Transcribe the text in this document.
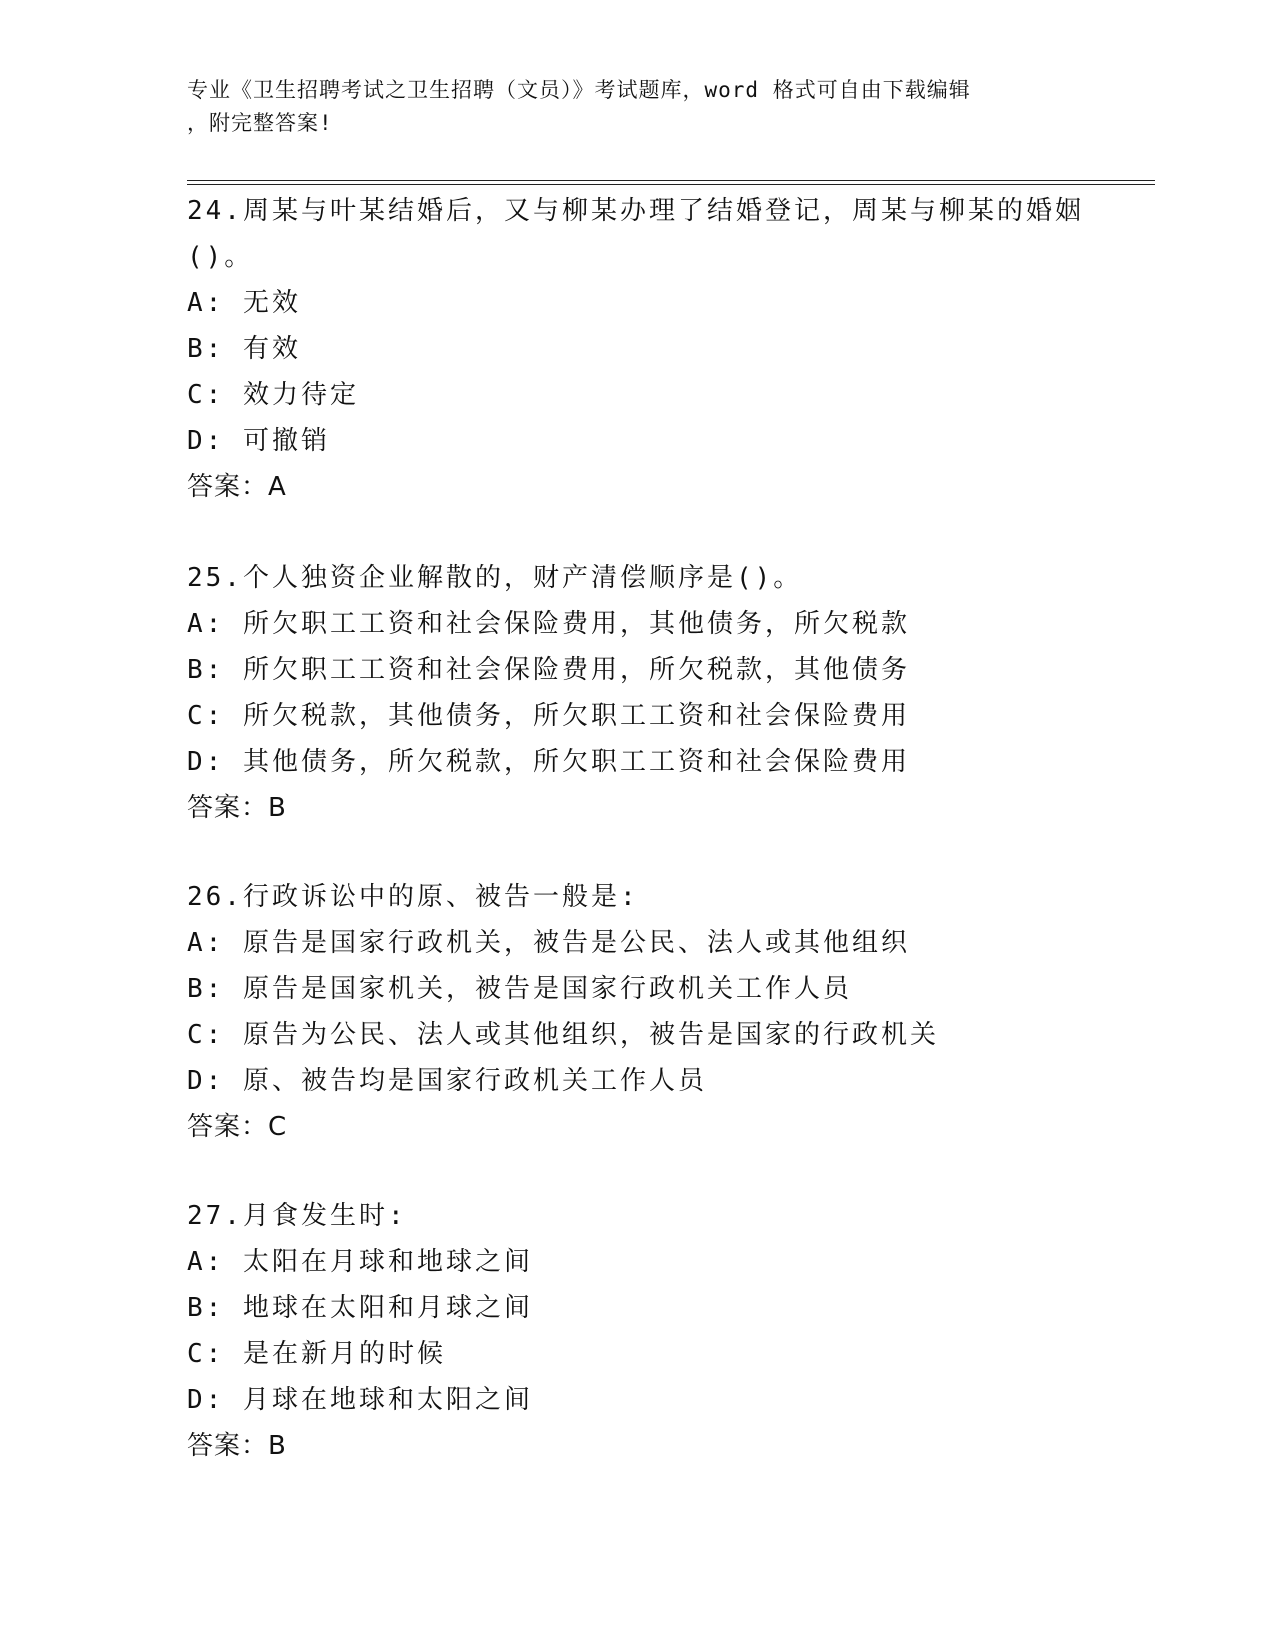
专业《卫生招聘考试之卫生招聘（文员）》考试题库，word 格式可自由下载编辑
，附完整答案!
24.周某与叶某结婚后，又与柳某办理了结婚登记，周某与柳某的婚姻
()。
A: 无效
B: 有效
C: 效力待定
D: 可撤销
答案：A
25.个人独资企业解散的，财产清偿顺序是()。
A: 所欠职工工资和社会保险费用，其他债务，所欠税款
B: 所欠职工工资和社会保险费用，所欠税款，其他债务
C: 所欠税款，其他债务，所欠职工工资和社会保险费用
D: 其他债务，所欠税款，所欠职工工资和社会保险费用
答案：B
26.行政诉讼中的原、被告一般是:
A: 原告是国家行政机关，被告是公民、法人或其他组织
B: 原告是国家机关，被告是国家行政机关工作人员
C: 原告为公民、法人或其他组织，被告是国家的行政机关
D: 原、被告均是国家行政机关工作人员
答案：C
27.月食发生时:
A: 太阳在月球和地球之间
B: 地球在太阳和月球之间
C: 是在新月的时候
D: 月球在地球和太阳之间
答案：B
